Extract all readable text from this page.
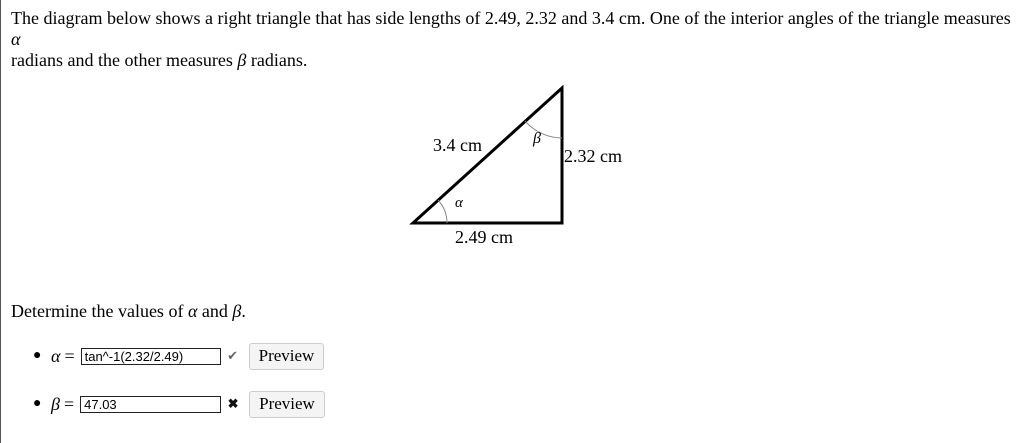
The diagram below shows a right triangle that has side lengths of 2.49, 2.32 and 3.4 cm. One of the interior angles of the triangle measures α
radians and the other measures β radians.
3.4 cm
2.32 cm
2.49 cm
α
β
Determine the values of α and β.
● α = tan^-1(2.32/2.49)	✔	Preview
● β = 47.03	✖	Preview
